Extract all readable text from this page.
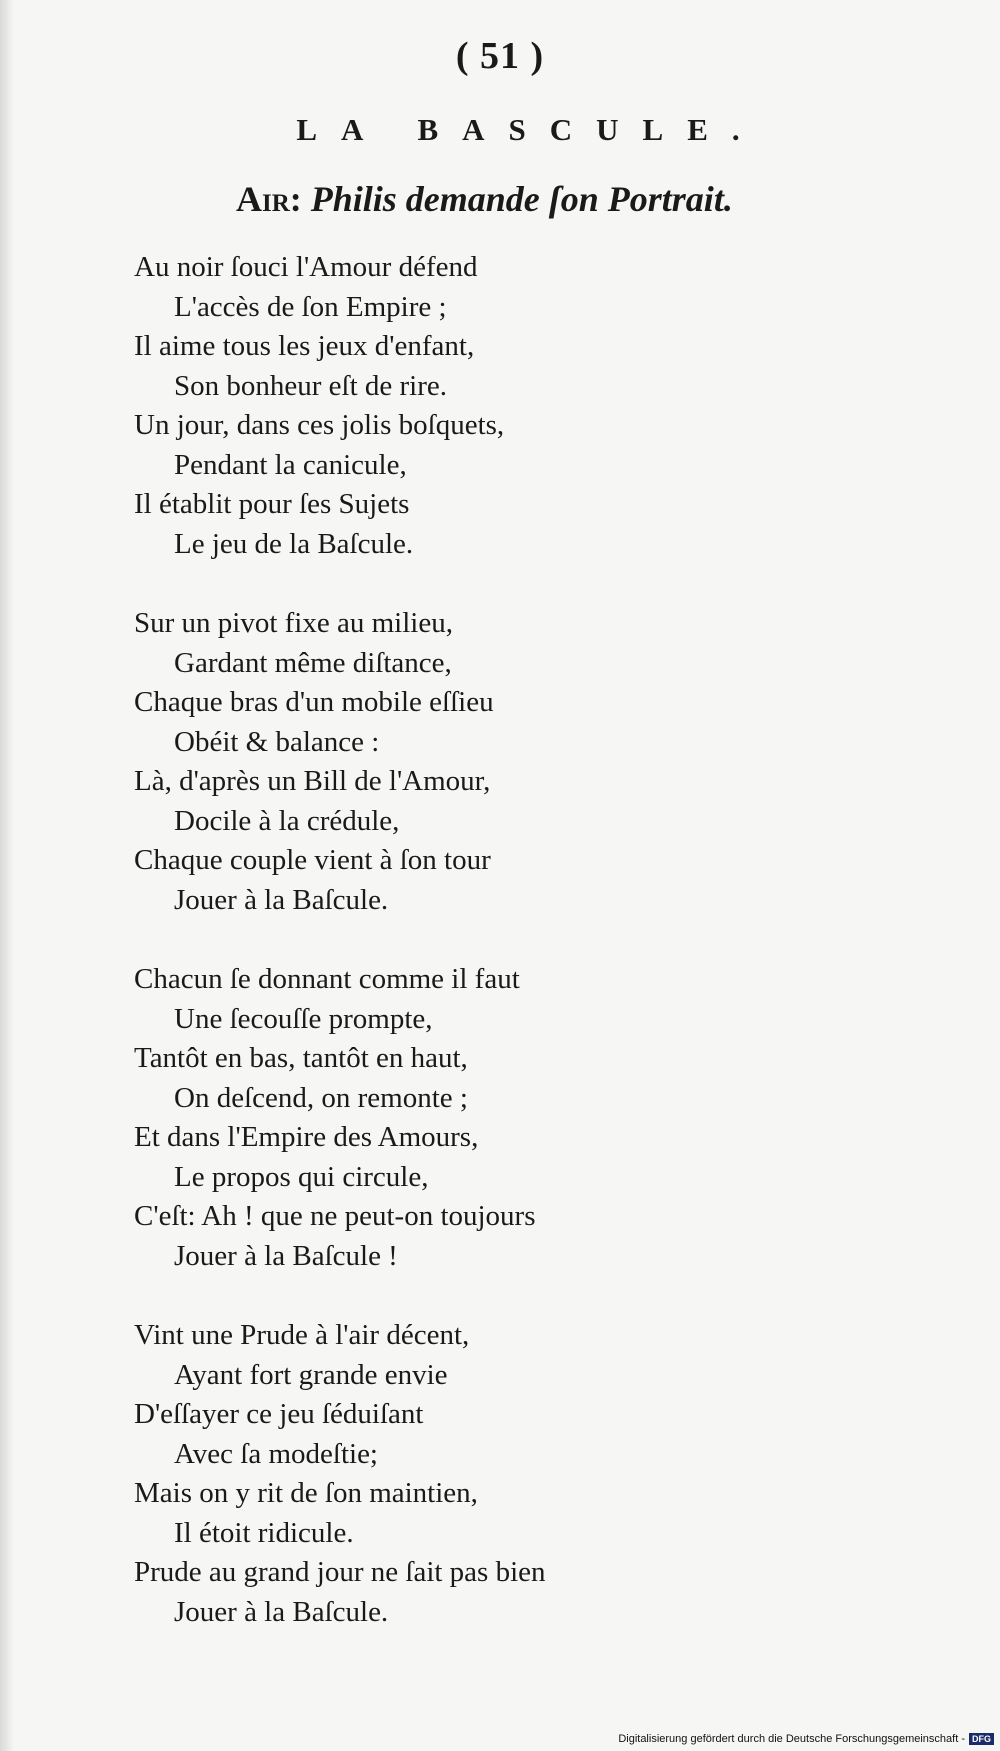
( 51 )
LA BASCULE.
Air: Philis demande ſon Portrait.
Au noir ſouci l'Amour défend
L'accès de ſon Empire ;
Il aime tous les jeux d'enfant,
Son bonheur eſt de rire.
Un jour, dans ces jolis boſquets,
Pendant la canicule,
Il établit pour ſes Sujets
Le jeu de la Baſcule.
Sur un pivot fixe au milieu,
Gardant même diſtance,
Chaque bras d'un mobile eſſieu
Obéit & balance :
Là, d'après un Bill de l'Amour,
Docile à la crédule,
Chaque couple vient à ſon tour
Jouer à la Baſcule.
Chacun ſe donnant comme il faut
Une ſecouſſe prompte,
Tantôt en bas, tantôt en haut,
On deſcend, on remonte ;
Et dans l'Empire des Amours,
Le propos qui circule,
C'eſt: Ah ! que ne peut-on toujours
Jouer à la Baſcule !
Vint une Prude à l'air décent,
Ayant fort grande envie
D'eſſayer ce jeu ſéduiſant
Avec ſa modeſtie;
Mais on y rit de ſon maintien,
Il étoit ridicule.
Prude au grand jour ne ſait pas bien
Jouer à la Baſcule.
Digitalisierung gefördert durch die Deutsche Forschungsgemeinschaft - DFG
